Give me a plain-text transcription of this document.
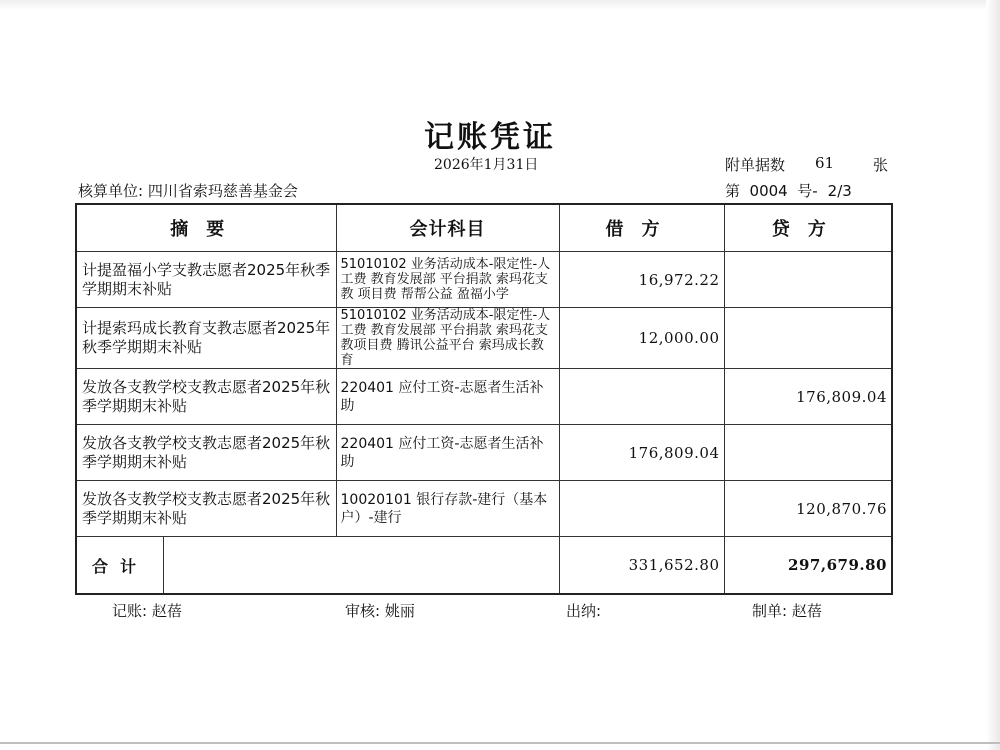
记账凭证
2026年1月31日	附单据数 61	张
核算单位: 四川省索玛慈善基金会	第  0004  号- 2/3
摘要	会计科目	借方	贷方
计提盈福小学支教志愿者2025年秋季学期期末补贴	51010102 业务活动成本-限定性-人工费 教育发展部 平台捐款 索玛花支教 项目费 帮帮公益 盈福小学	16,972.22	
计提索玛成长教育支教志愿者2025年秋季学期期末补贴	51010102 业务活动成本-限定性-人工费 教育发展部 平台捐款 索玛花支教项目费 腾讯公益平台 索玛成长教育	12,000.00	
发放各支教学校支教志愿者2025年秋季学期期末补贴	220401 应付工资-志愿者生活补助		176,809.04
发放各支教学校支教志愿者2025年秋季学期期末补贴	220401 应付工资-志愿者生活补助	176,809.04	
发放各支教学校支教志愿者2025年秋季学期期末补贴	10020101 银行存款-建行（基本户）-建行		120,870.76

合计		331,652.80	297,679.80
记账: 赵蓓	审核: 姚丽	出纳:	制单: 赵蓓
